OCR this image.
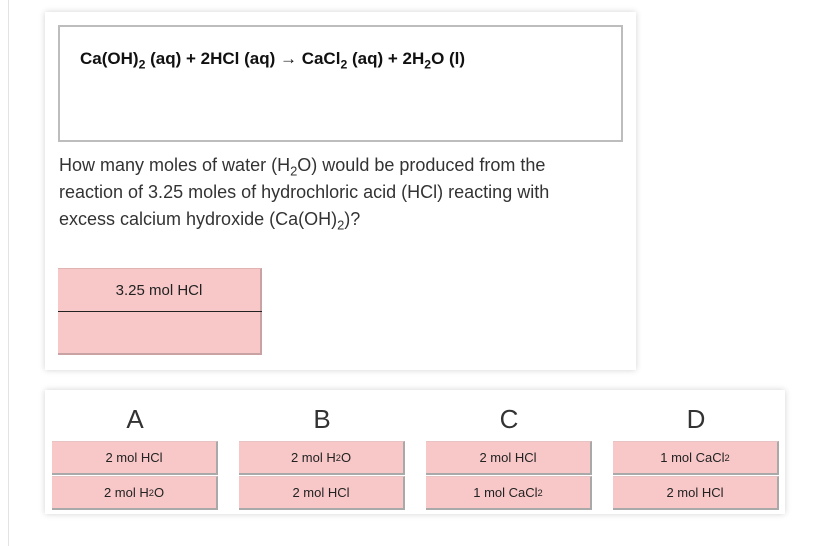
$Ca(OH)_2$ (aq) + 2HCl (aq) → CaCl$_2$ $(aq) + 2H_2O$ (l)
How many moles of water $(H_2O)$ would be produced from the reaction of 3.25 moles of hydrochloric acid (HCl) reacting with excess calcium hydroxide $(Ca(OH)_2)$?
3.25 mol HCl
A
2 mol HCl
2 mol H 2 O
B
2 mol H 2 O
2 mol HCl
C
2 mol HCl
1 mol CaCl 2
D
1 mol CaCl 2
2 mol HCl
